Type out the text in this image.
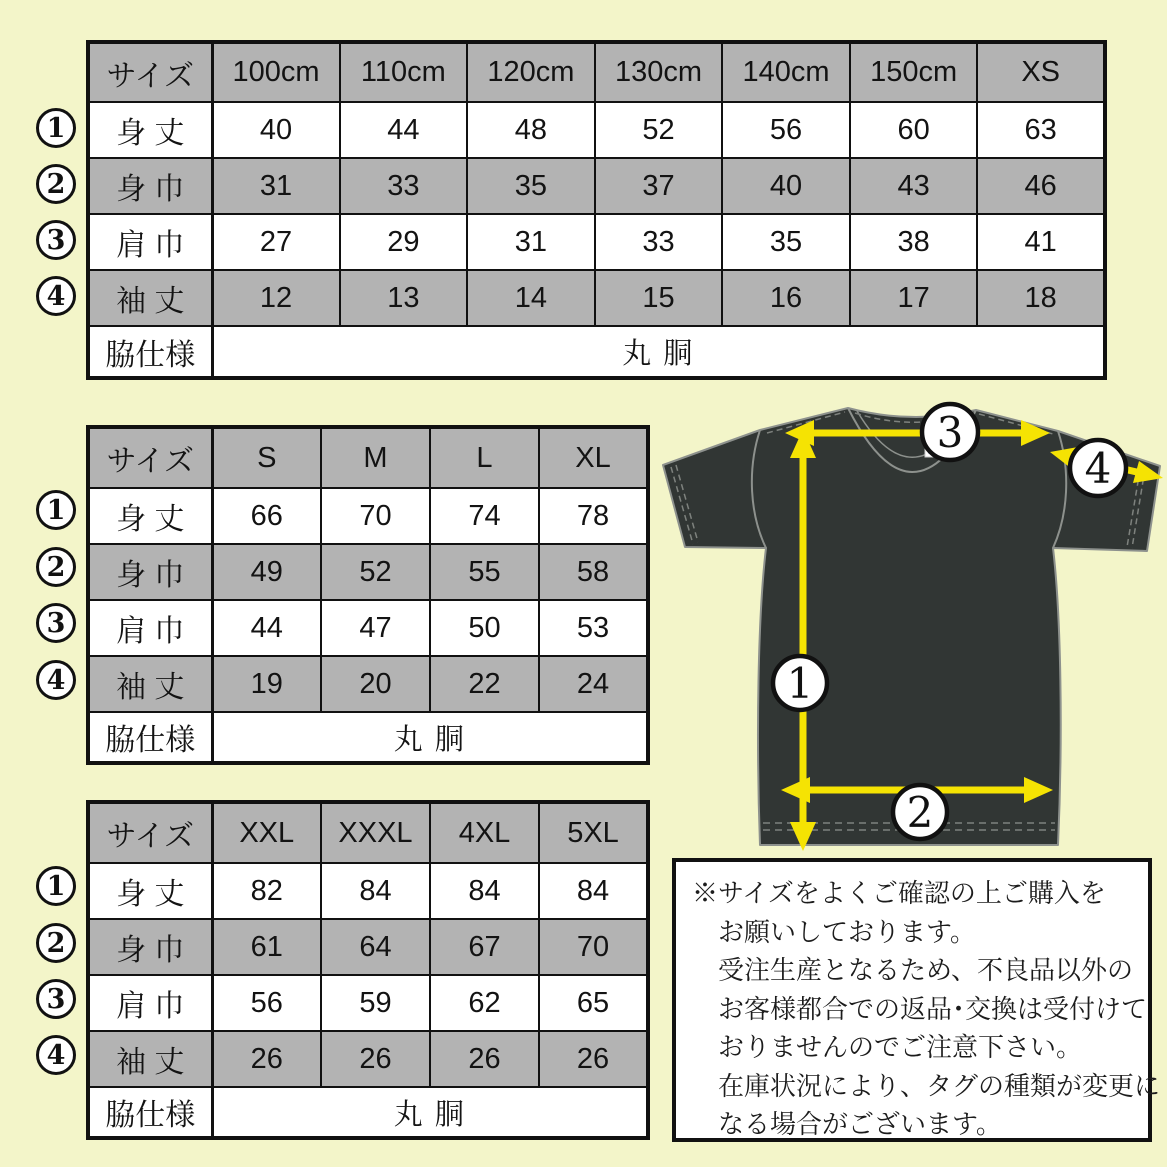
サイズ	100cm	110cm	120cm	130cm	140cm	150cm	XS
身 丈	40	44	48	52	56	60	63
身 巾	31	33	35	37	40	43	46
肩 巾	27	29	31	33	35	38	41
袖 丈	12	13	14	15	16	17	18
脇仕様	丸 胴						
サイズ	S	M	L	XL
身 丈	66	70	74	78
身 巾	49	52	55	58
肩 巾	44	47	50	53
袖 丈	19	20	22	24
脇仕様	丸 胴			
サイズ	XXL	XXXL	4XL	5XL
身 丈	82	84	84	84
身 巾	61	64	67	70
肩 巾	56	59	62	65
袖 丈	26	26	26	26
脇仕様	丸 胴			
1
2
3
4
1
2
3
4
1
2
3
4
1
2
3
4
※サイズをよくご確認の上ご購入を
お願いしております。
受注生産となるため、不良品以外の
お客様都合での返品･交換は受付けて
おりませんのでご注意下さい。
在庫状況により、タグの種類が変更に
なる場合がございます。
